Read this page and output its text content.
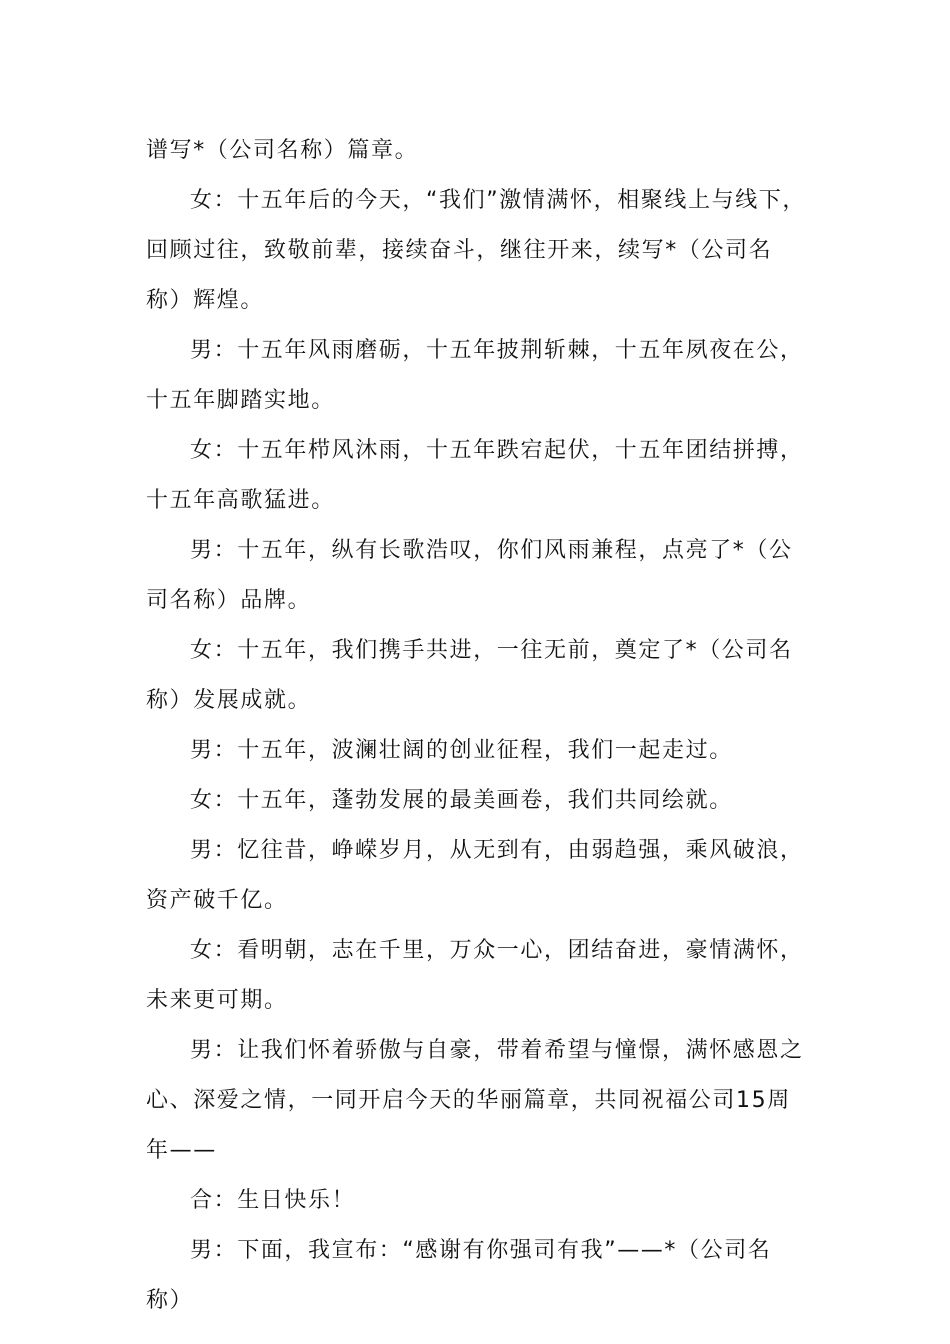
谱写*（公司名称）篇章。

女：十五年后的今天，“我们”激情满怀，相聚线上与线下，回顾过往，致敬前辈，接续奋斗，继往开来，续写*（公司名称）辉煌。

男：十五年风雨磨砺，十五年披荆斩棘，十五年夙夜在公，十五年脚踏实地。

女：十五年栉风沐雨，十五年跌宕起伏，十五年团结拼搏，十五年高歌猛进。

男：十五年，纵有长歌浩叹，你们风雨兼程，点亮了*（公司名称）品牌。

女：十五年，我们携手共进，一往无前，奠定了*（公司名称）发展成就。

男：十五年，波澜壮阔的创业征程，我们一起走过。

女：十五年，蓬勃发展的最美画卷，我们共同绘就。

男：忆往昔，峥嵘岁月，从无到有，由弱趋强，乘风破浪，资产破千亿。

女：看明朝，志在千里，万众一心，团结奋进，豪情满怀，未来更可期。

男：让我们怀着骄傲与自豪，带着希望与憧憬，满怀感恩之心、深爱之情，一同开启今天的华丽篇章，共同祝福公司15周年——

合：生日快乐！

男：下面，我宣布：“感谢有你强司有我”——*（公司名称）
